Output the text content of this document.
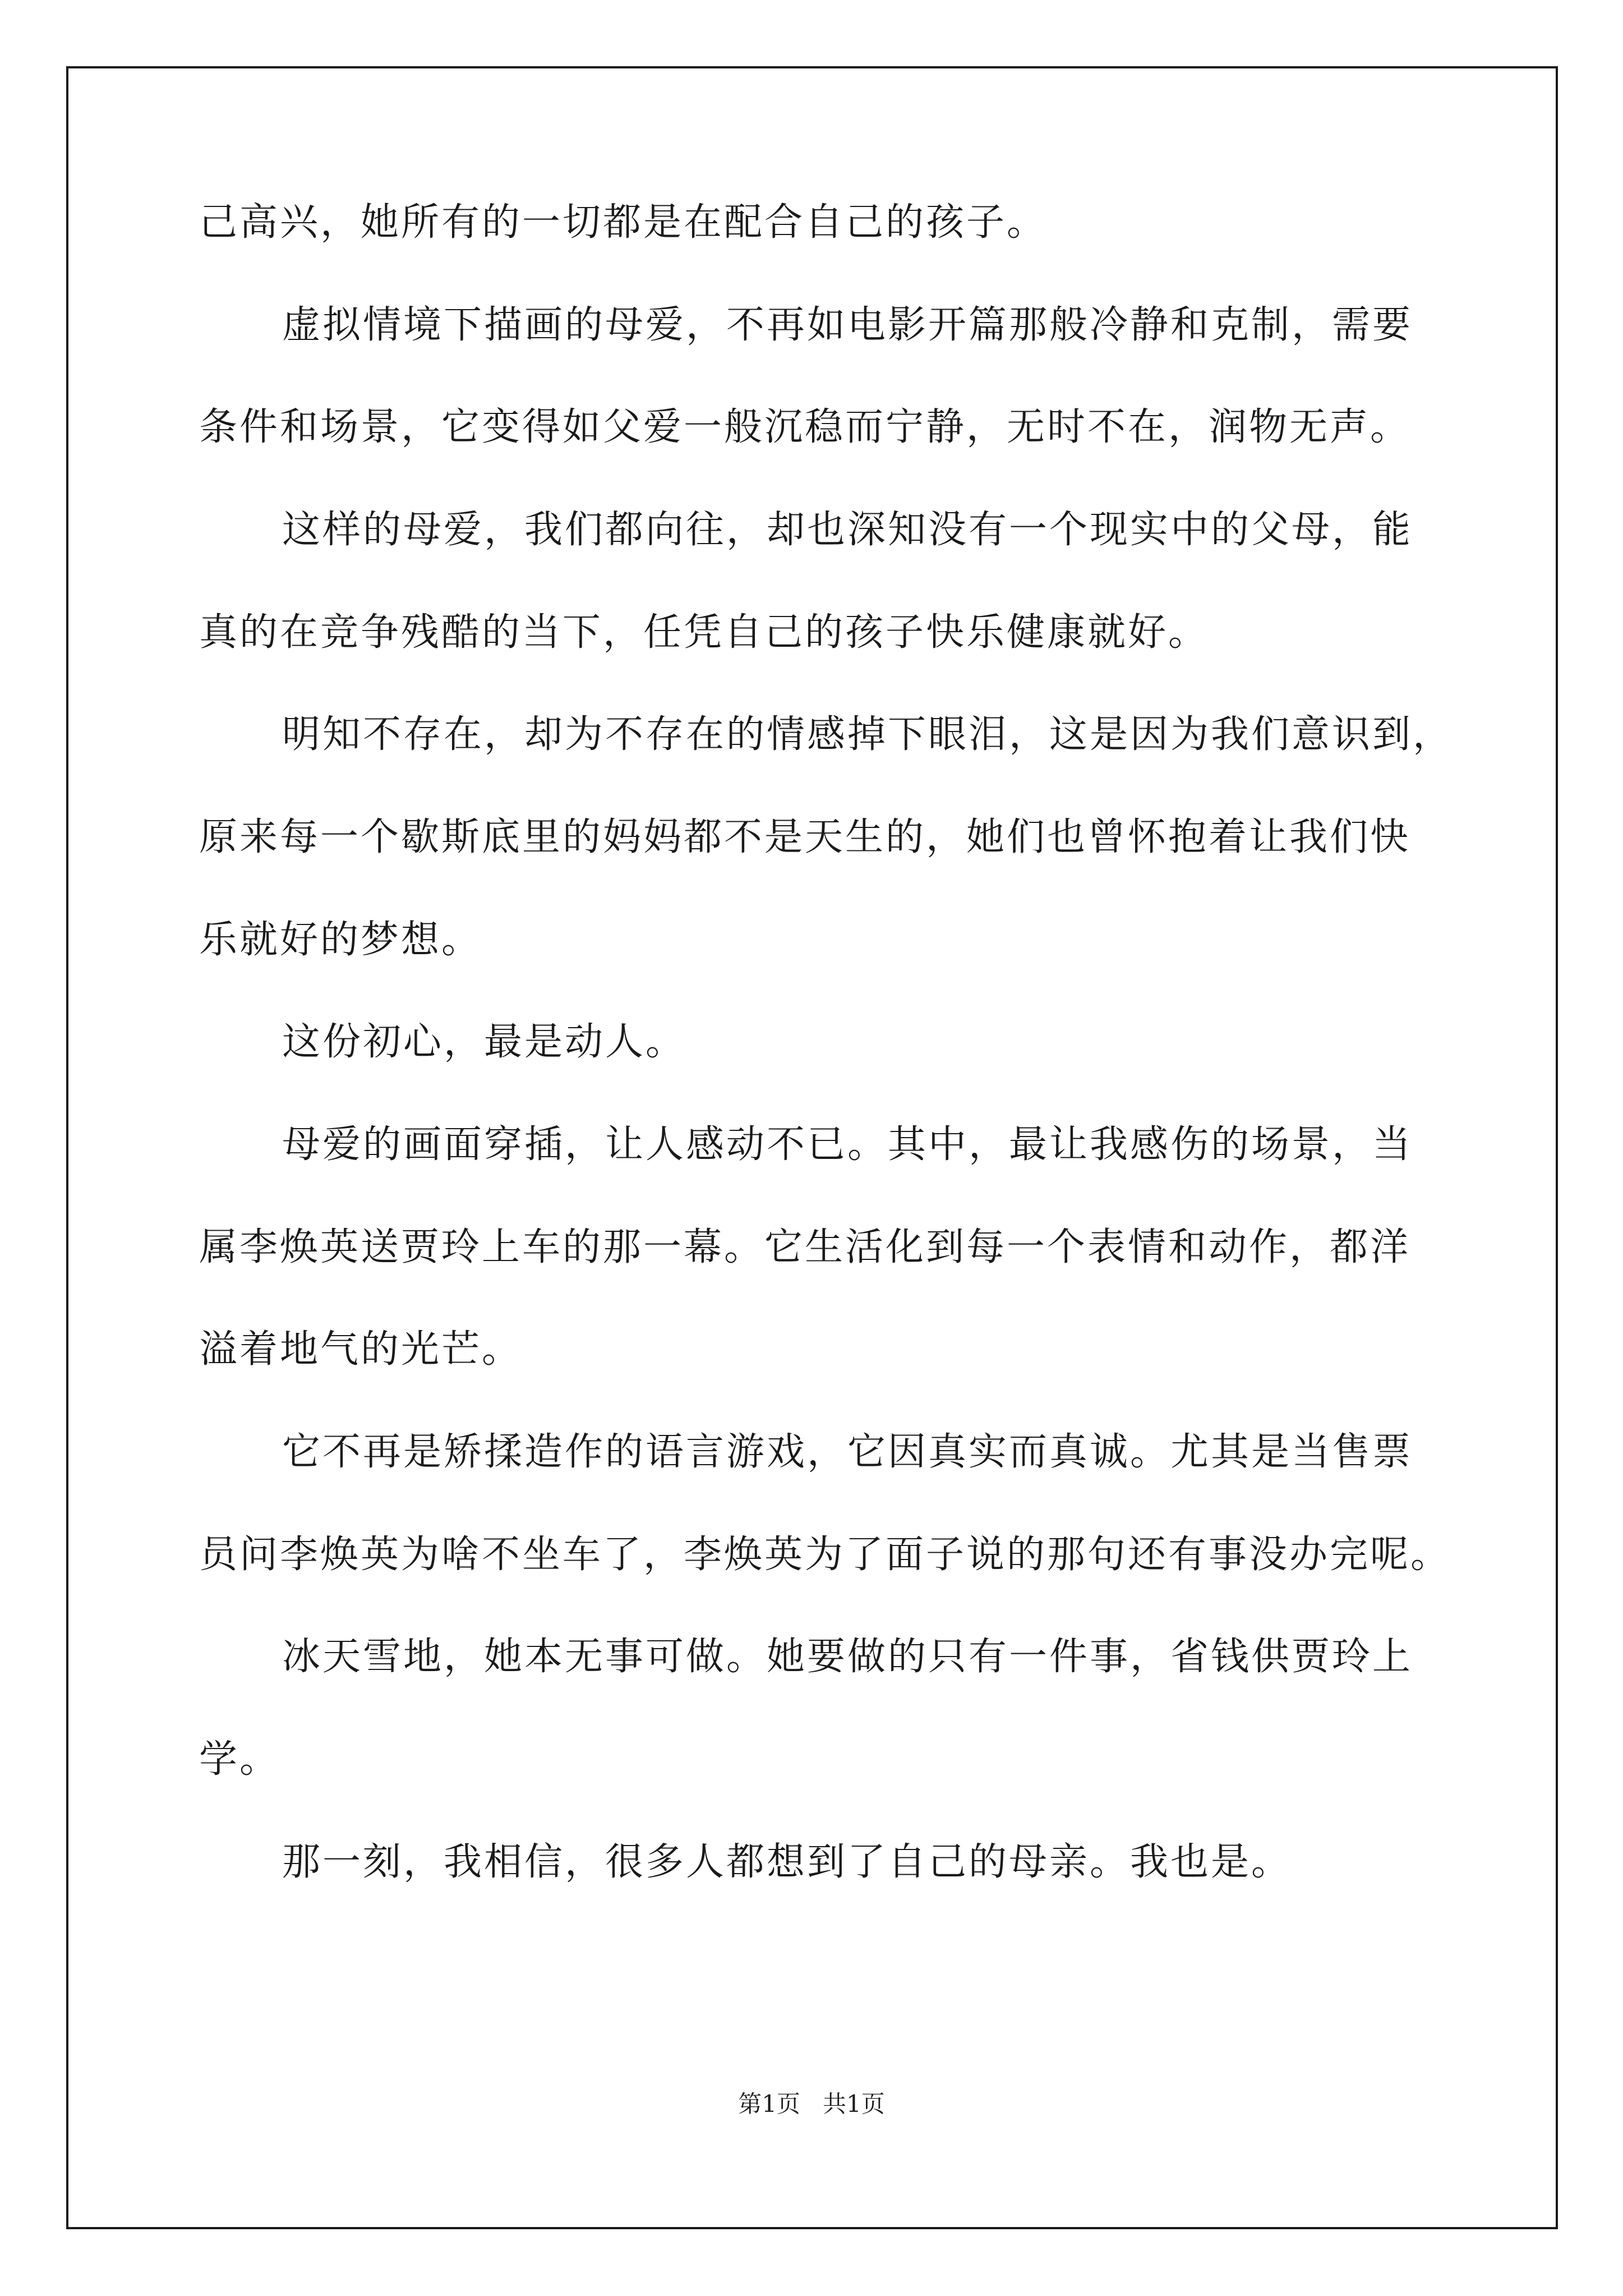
己高兴，她所有的一切都是在配合自己的孩子。
虚拟情境下描画的母爱，不再如电影开篇那般冷静和克制，需要
条件和场景，它变得如父爱一般沉稳而宁静，无时不在，润物无声。
这样的母爱，我们都向往，却也深知没有一个现实中的父母，能
真的在竞争残酷的当下，任凭自己的孩子快乐健康就好。
明知不存在，却为不存在的情感掉下眼泪，这是因为我们意识到，
原来每一个歇斯底里的妈妈都不是天生的，她们也曾怀抱着让我们快
乐就好的梦想。
这份初心，最是动人。
母爱的画面穿插，让人感动不已。其中，最让我感伤的场景，当
属李焕英送贾玲上车的那一幕。它生活化到每一个表情和动作，都洋
溢着地气的光芒。
它不再是矫揉造作的语言游戏，它因真实而真诚。尤其是当售票
员问李焕英为啥不坐车了，李焕英为了面子说的那句还有事没办完呢。
冰天雪地，她本无事可做。她要做的只有一件事，省钱供贾玲上
学。
那一刻，我相信，很多人都想到了自己的母亲。我也是。
第1页   共1页
